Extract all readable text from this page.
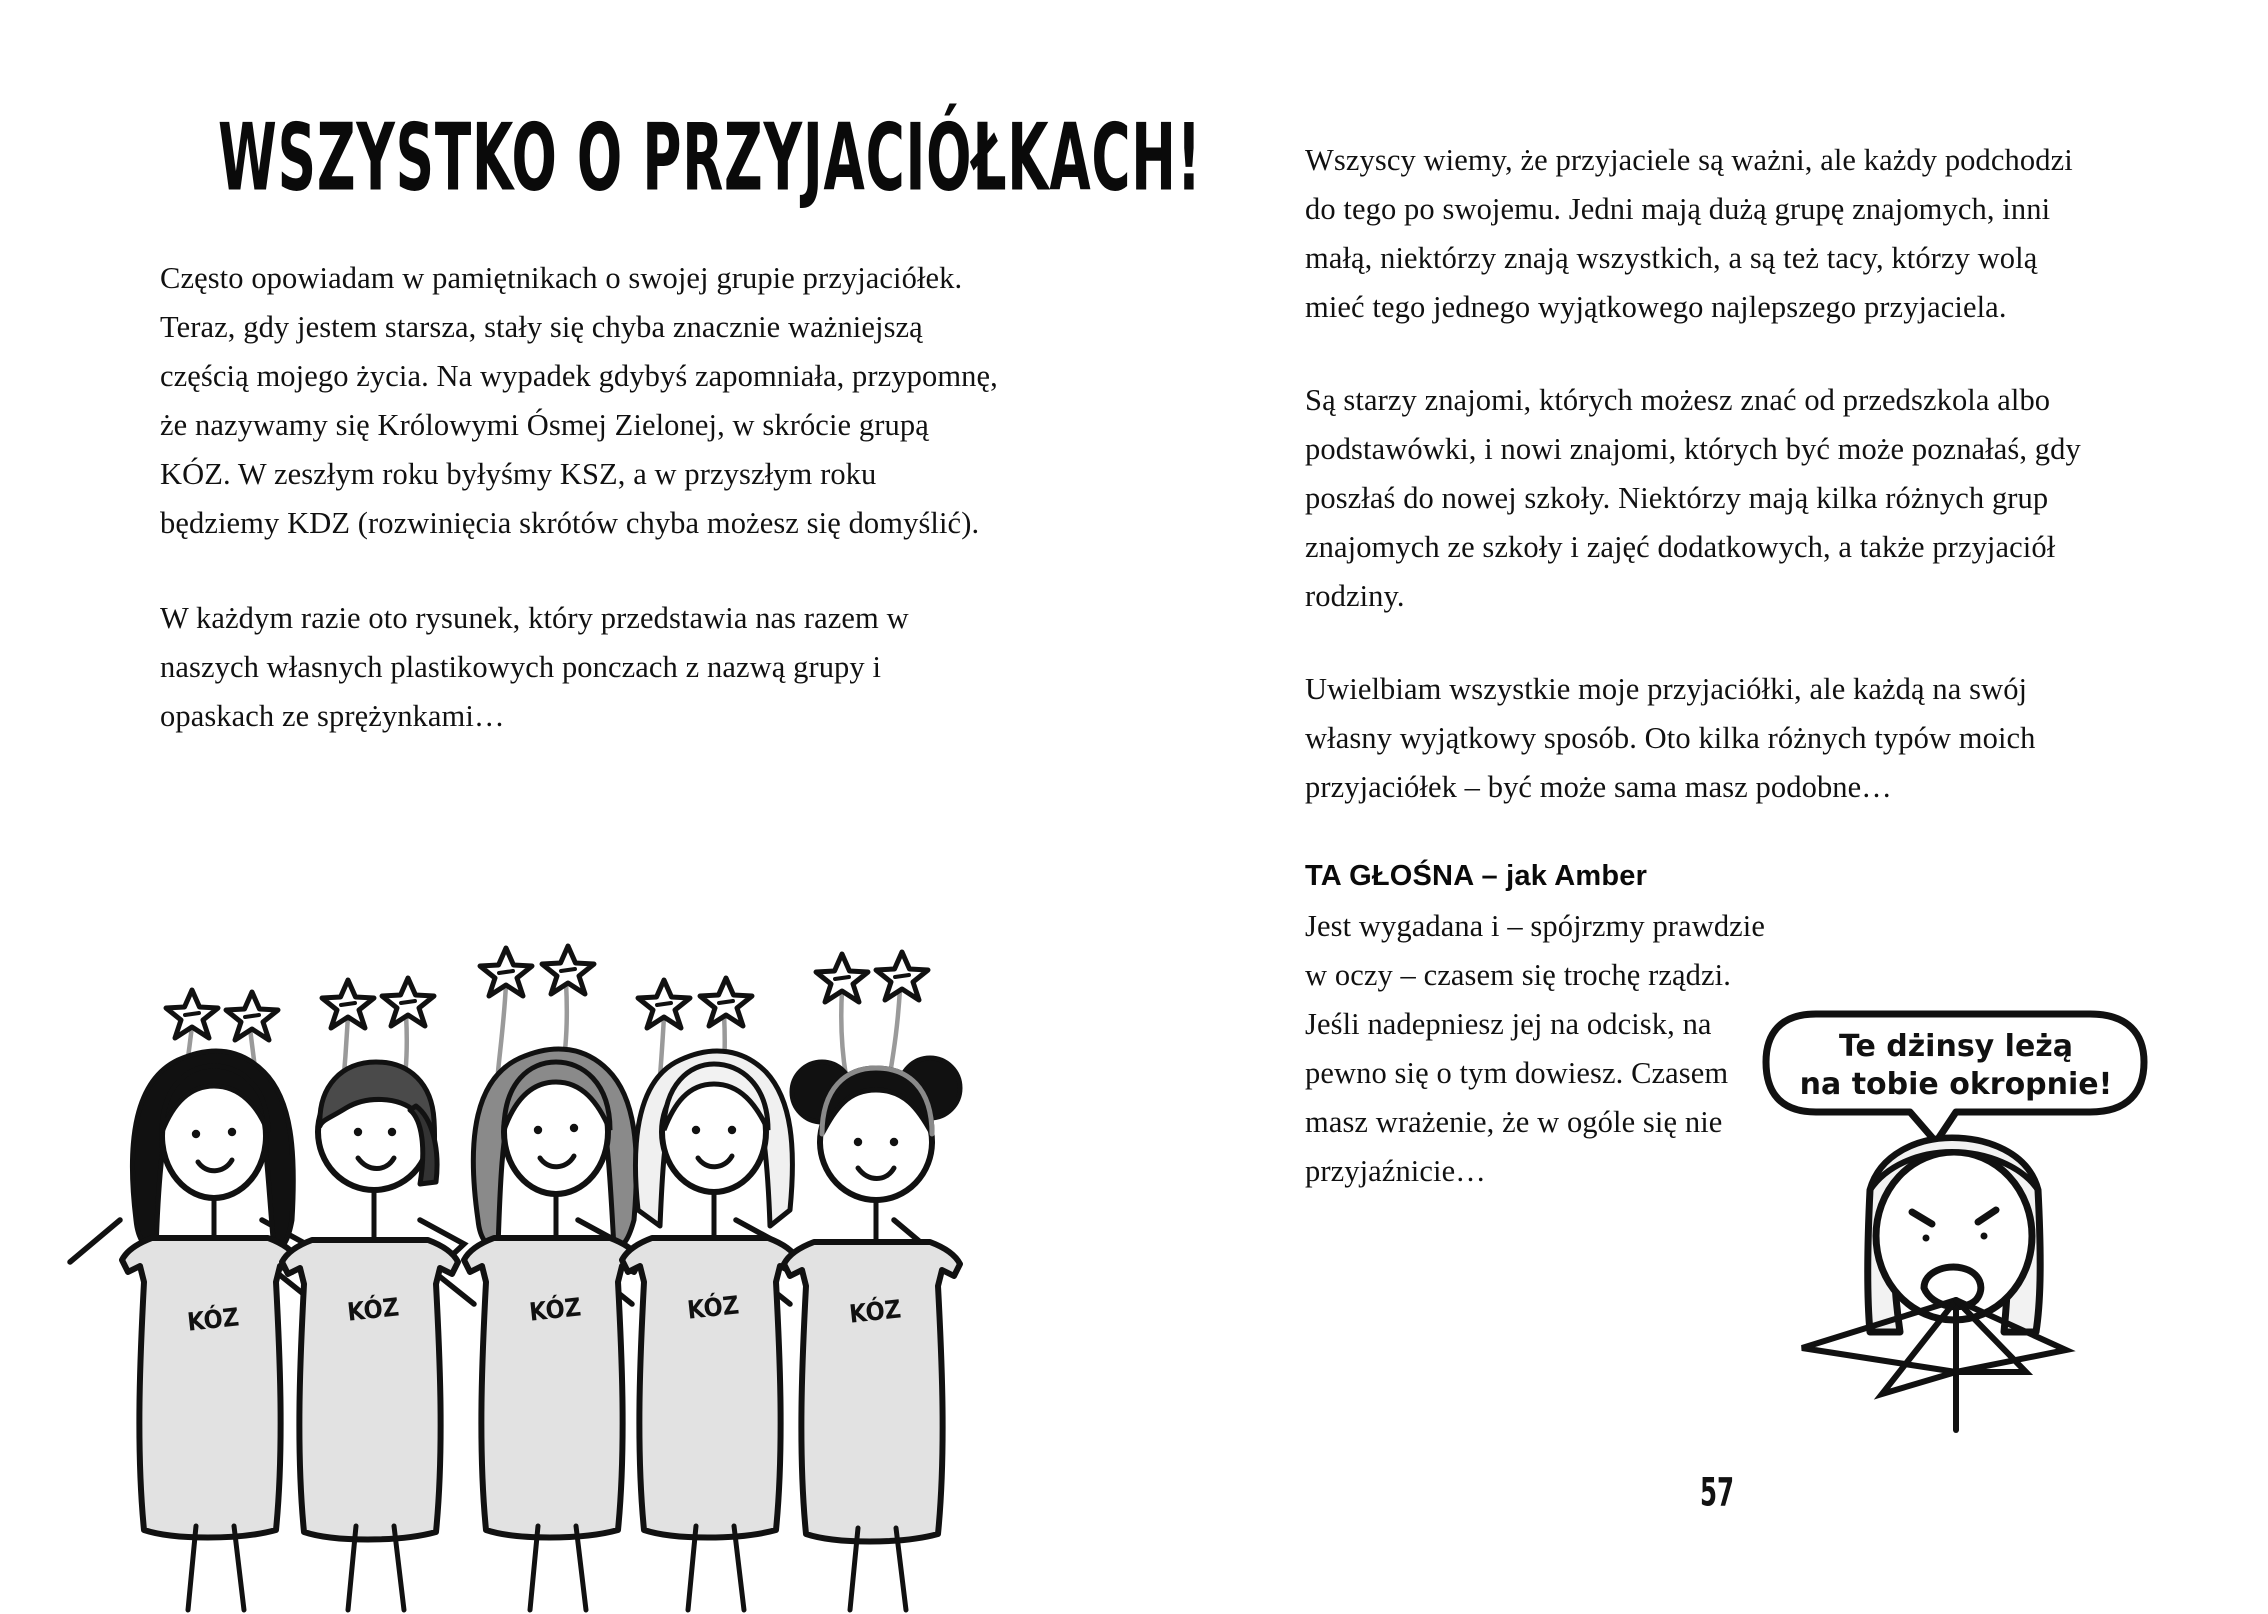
WSZYSTKO O PRZYJACIÓŁKACH!

Często opowiadam w pamiętnikach o swojej grupie przyjaciółek. Teraz, gdy jestem starsza, stały się chyba znacznie ważniejszą częścią mojego życia. Na wypadek gdybyś zapomniała, przypomnę, że nazywamy się Królowymi Ósmej Zielonej, w skrócie grupą KÓZ. W zeszłym roku byłyśmy KSZ, a w przyszłym roku będziemy KDZ (rozwinięcia skrótów chyba możesz się domyślić).

W każdym razie oto rysunek, który przedstawia nas razem w naszych własnych plastikowych ponczach z nazwą grupy i opaskach ze sprężynkami…

Wszyscy wiemy, że przyjaciele są ważni, ale każdy podchodzi do tego po swojemu. Jedni mają dużą grupę znajomych, inni małą, niektórzy znają wszystkich, a są też tacy, którzy wolą mieć tego jednego wyjątkowego najlepszego przyjaciela.

Są starzy znajomi, których możesz znać od przedszkola albo podstawówki, i nowi znajomi, których być może poznałaś, gdy poszłaś do nowej szkoły. Niektórzy mają kilka różnych grup znajomych ze szkoły i zajęć dodatkowych, a także przyjaciół rodziny.

Uwielbiam wszystkie moje przyjaciółki, ale każdą na swój własny wyjątkowy sposób. Oto kilka różnych typów moich przyjaciółek – być może sama masz podobne…

TA GŁOŚNA – jak Amber

Jest wygadana i – spójrzmy prawdzie w oczy – czasem się trochę rządzi. Jeśli nadepniesz jej na odcisk, na pewno się o tym dowiesz. Czasem masz wrażenie, że w ogóle się nie przyjaźnicie…

57
KÓZ	KÓZ	KÓZ	KÓZ	KÓZ
Te dżinsy leżą
na tobie okropnie!
